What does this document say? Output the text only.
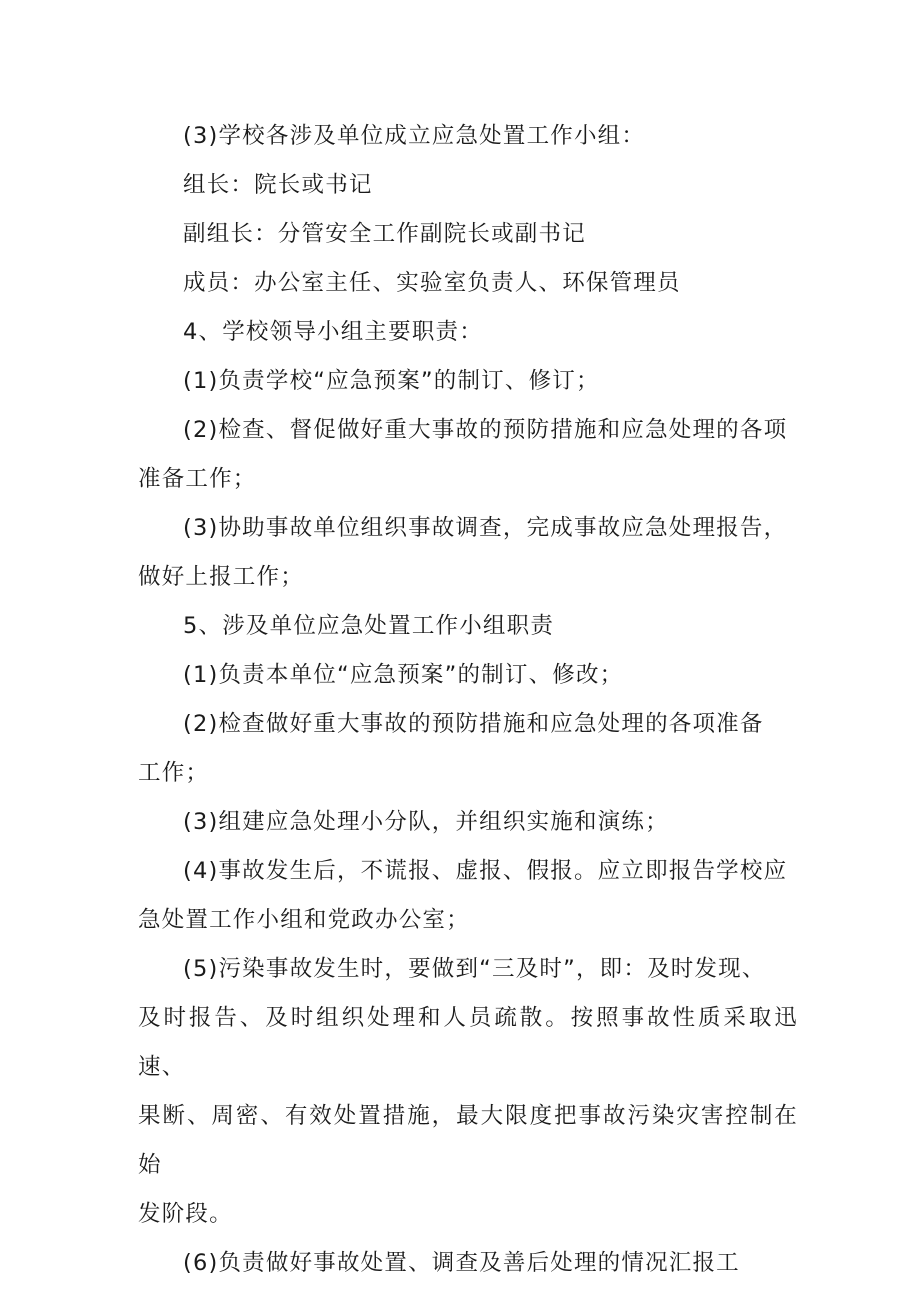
(3)学校各涉及单位成立应急处置工作小组：

组长：院长或书记

副组长：分管安全工作副院长或副书记

成员：办公室主任、实验室负责人、环保管理员

4、学校领导小组主要职责：

(1)负责学校“应急预案”的制订、修订；

(2)检查、督促做好重大事故的预防措施和应急处理的各项

准备工作；

(3)协助事故单位组织事故调查，完成事故应急处理报告，

做好上报工作；

5、涉及单位应急处置工作小组职责

(1)负责本单位“应急预案”的制订、修改；

(2)检查做好重大事故的预防措施和应急处理的各项准备

工作；

(3)组建应急处理小分队，并组织实施和演练；

(4)事故发生后，不谎报、虚报、假报。应立即报告学校应

急处置工作小组和党政办公室；

(5)污染事故发生时，要做到“三及时”，即：及时发现、

及时报告、及时组织处理和人员疏散。按照事故性质采取迅速、

果断、周密、有效处置措施，最大限度把事故污染灾害控制在始

发阶段。

(6)负责做好事故处置、调查及善后处理的情况汇报工
